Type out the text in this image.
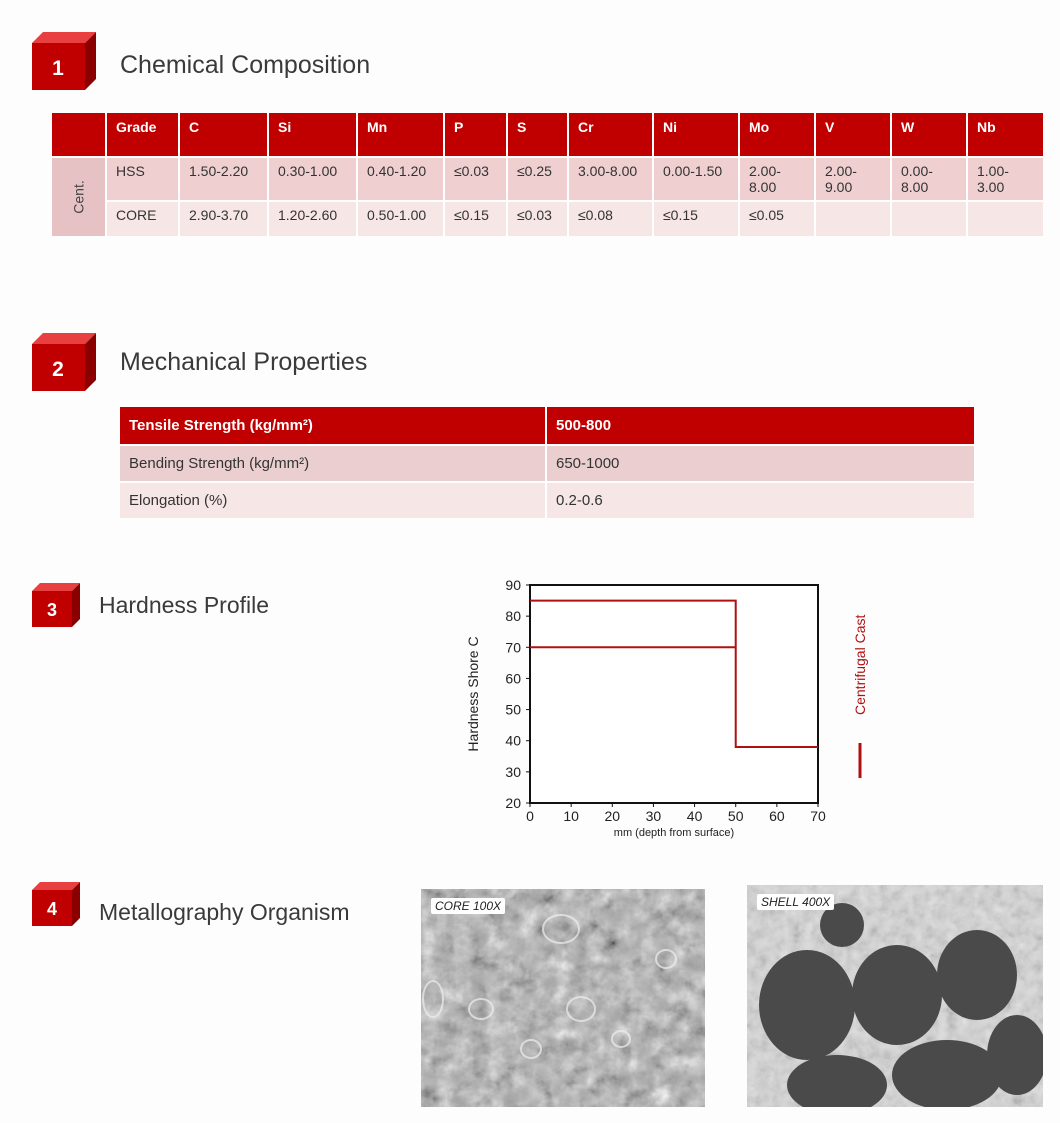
1 Chemical Composition
	Grade	C	Si	Mn	P	S	Cr	Ni	Mo	V	W	Nb
Cent.	HSS	1.50-2.20	0.30-1.00	0.40-1.20	≤0.03	≤0.25	3.00-8.00	0.00-1.50	2.00-8.00	2.00-9.00	0.00-8.00	1.00-3.00
	CORE	2.90-3.70	1.20-2.60	0.50-1.00	≤0.15	≤0.03	≤0.08	≤0.15	≤0.05			
2 Mechanical Properties
Tensile Strength (kg/mm²)	500-800
Bending Strength (kg/mm²)	650-1000
Elongation (%)	0.2-0.6
3 Hardness Profile
20
30
40
50
60
70
80
90
0 10 20 30 40 50 60 70
mm (depth from surface)
Hardness Shore C	Centrifugal Cast
4 Metallography Organism	CORE 100X	SHELL 400X
